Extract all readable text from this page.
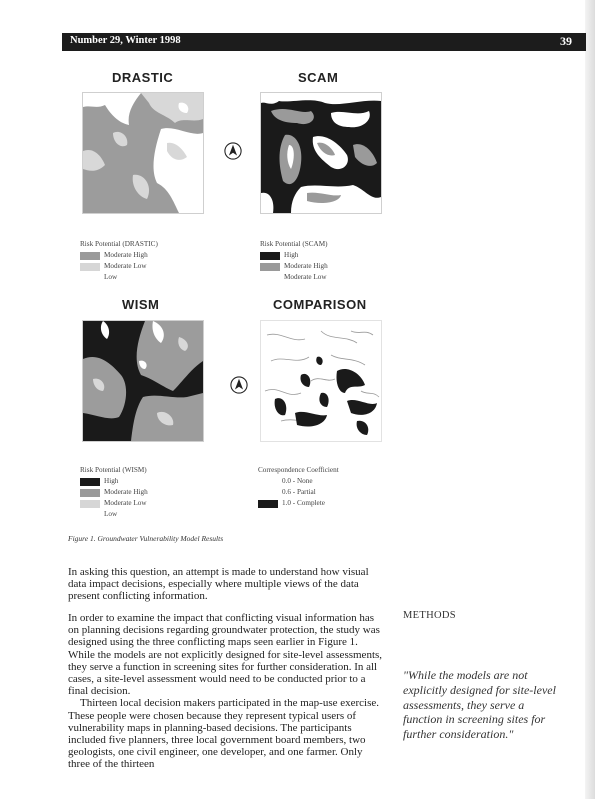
Number 29, Winter 1998	39
DRASTIC
Risk Potential (DRASTIC)
Moderate High
Moderate Low
Low
SCAM
Risk Potential (SCAM)
High
Moderate High
Moderate Low
WISM
Risk Potential (WISM)
High
Moderate High
Moderate Low
Low
COMPARISON
Correspondence Coefficient
0.0 - None
0.6 - Partial
1.0 - Complete
Figure 1. Groundwater Vulnerability Model Results

In asking this question, an attempt is made to understand how visual data impact decisions, especially where multiple views of the data present conflicting information.

In order to examine the impact that conflicting visual information has on planning decisions regarding groundwater protection, the study was designed using the three conflicting maps seen earlier in Figure 1. While the models are not explicitly designed for site-level assessments, they serve a function in screening sites for further consideration. In all cases, a site-level assessment would need to be conducted prior to a final decision.

Thirteen local decision makers participated in the map-use exercise. These people were chosen because they represent typical users of vulnerability maps in planning-based decisions. The participants included five planners, three local government board members, two geologists, one civil engineer, one developer, and one farmer. Only three of the thirteen

METHODS
"While the models are not explicitly designed for site-level assessments, they serve a function in screening sites for further consideration."
